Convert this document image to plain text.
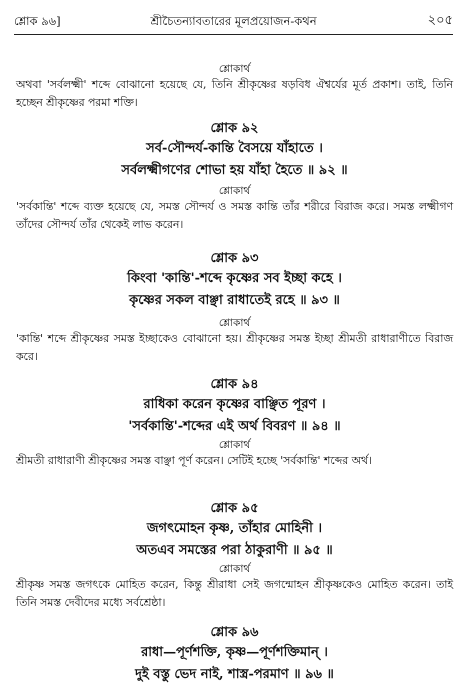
শ্লোক ৯৬]	শ্রীচৈতন্যাবতারের মূলপ্রয়োজন-কথন	২০৫

শ্লোকার্থ

অথবা 'সর্বলক্ষ্মী' শব্দে বোঝানো হয়েছে যে, তিনি শ্রীকৃষ্ণের ষড়বিধ ঐশ্বর্যের মূর্ত প্রকাশ। তাই, তিনি হচ্ছেন শ্রীকৃষ্ণের পরমা শক্তি।

শ্লোক ৯২

সর্ব-সৌন্দর্য-কান্তি বৈসয়ে যাঁহাতে ।

সর্বলক্ষ্মীগণের শোভা হয় যাঁহা হৈতে ॥ ৯২ ॥

শ্লোকার্থ

'সর্বকান্তি' শব্দে ব্যক্ত হয়েছে যে, সমস্ত সৌন্দর্য ও সমস্ত কান্তি তাঁর শরীরে বিরাজ করে। সমস্ত লক্ষ্মীগণ তাঁদের সৌন্দর্য তাঁর থেকেই লাভ করেন।

শ্লোক ৯৩

কিংবা 'কান্তি'-শব্দে কৃষ্ণের সব ইচ্ছা কহে ।

কৃষ্ণের সকল বাঞ্ছা রাধাতেই রহে ॥ ৯৩ ॥

শ্লোকার্থ

'কান্তি' শব্দে শ্রীকৃষ্ণের সমস্ত ইচ্ছাকেও বোঝানো হয়। শ্রীকৃষ্ণের সমস্ত ইচ্ছা শ্রীমতী রাধারাণীতে বিরাজ করে।

শ্লোক ৯৪

রাধিকা করেন কৃষ্ণের বাঞ্ছিত পূরণ ।

'সর্বকান্তি'-শব্দের এই অর্থ বিবরণ ॥ ৯৪ ॥

শ্লোকার্থ

শ্রীমতী রাধারাণী শ্রীকৃষ্ণের সমস্ত বাঞ্ছা পূর্ণ করেন। সেটিই হচ্ছে 'সর্বকান্তি' শব্দের অর্থ।

শ্লোক ৯৫

জগৎমোহন কৃষ্ণ, তাঁহার মোহিনী ।

অতএব সমস্তের পরা ঠাকুরাণী ॥ ৯৫ ॥

শ্লোকার্থ

শ্রীকৃষ্ণ সমস্ত জগৎকে মোহিত করেন, কিন্তু শ্রীরাধা সেই জগন্মোহন শ্রীকৃষ্ণকেও মোহিত করেন। তাই তিনি সমস্ত দেবীদের মধ্যে সর্বশ্রেষ্ঠা।

শ্লোক ৯৬

রাধা—পূর্ণশক্তি, কৃষ্ণ—পূর্ণশক্তিমান্ ।

দুই বস্তু ভেদ নাই, শাস্ত্র-পরমাণ ॥ ৯৬ ॥
